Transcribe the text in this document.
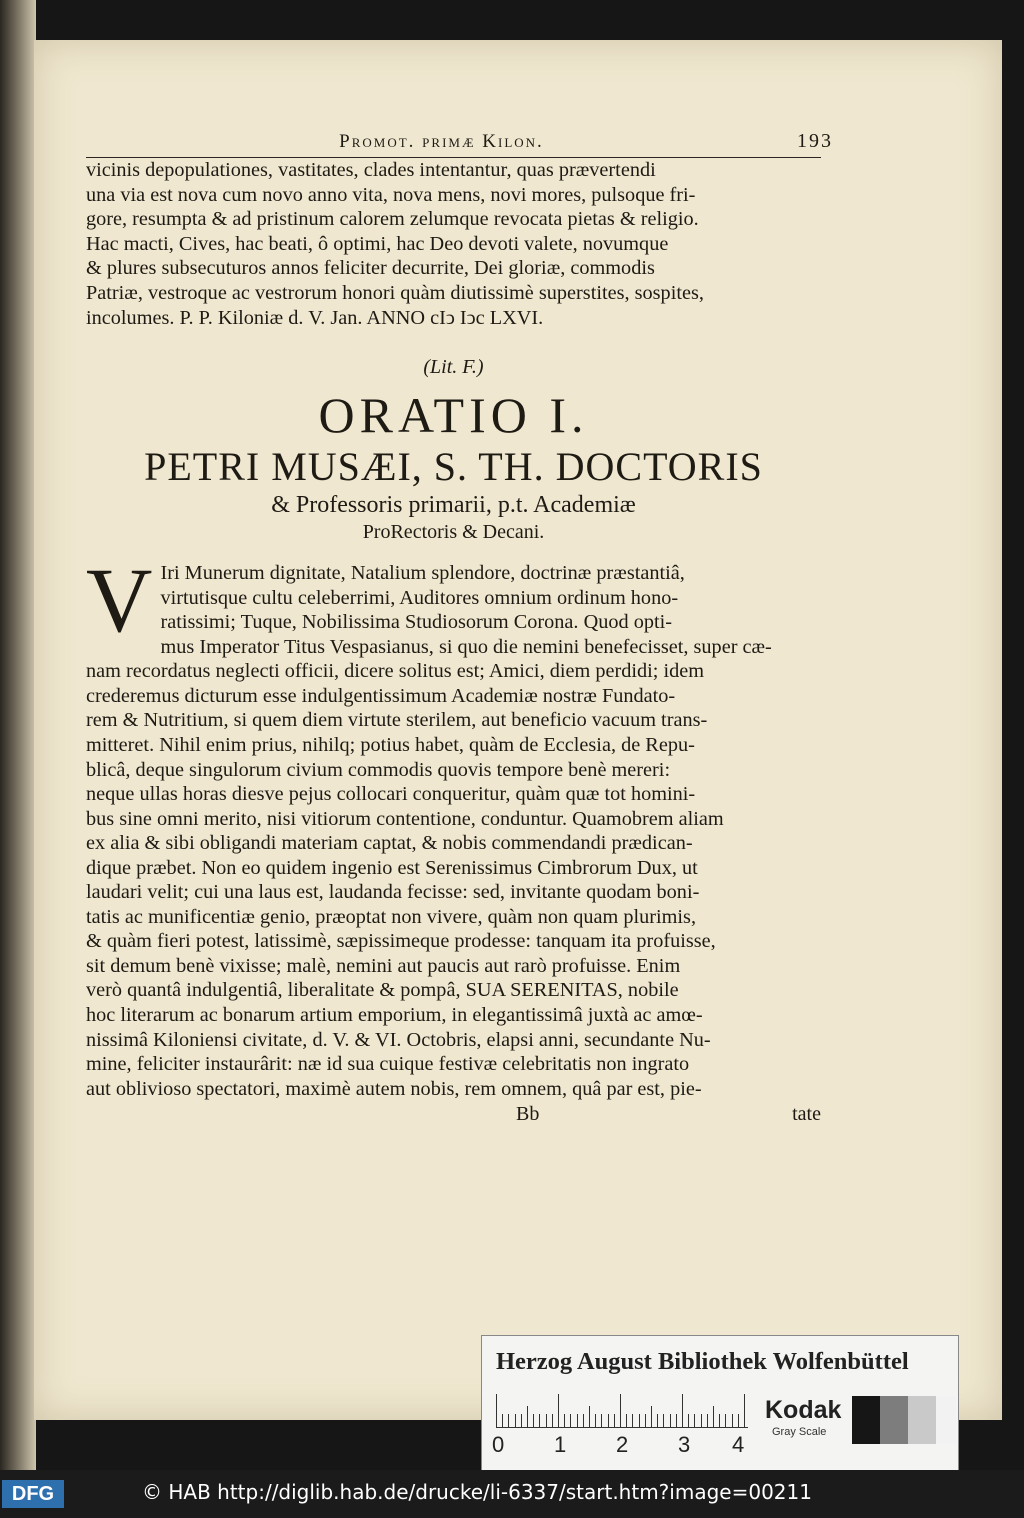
Promot. primæ Kilon.	193

vicinis depopulationes, vastitates, clades intentantur, quas prævertendi

una via est nova cum novo anno vita, nova mens, novi mores, pulsoque fri-

gore, resumpta & ad pristinum calorem zelumque revocata pietas & religio.

Hac macti, Cives, hac beati, ô optimi, hac Deo devoti valete, novumque

& plures subsecuturos annos feliciter decurrite, Dei gloriæ, commodis

Patriæ, vestroque ac vestrorum honori quàm diutissimè superstites, sospites,

incolumes. P. P. Kiloniæ d. V. Jan. ANNO cIↄ Iↄc LXVI.

(Lit. F.)

ORATIO I.

PETRI MUSÆI, S. TH. DOCTORIS

& Professoris primarii, p.t. Academiæ

ProRectoris & Decani.

V Iri Munerum dignitate, Natalium splendore, doctrinæ præstantiâ,

virtutisque cultu celeberrimi, Auditores omnium ordinum hono-

ratissimi; Tuque, Nobilissima Studiosorum Corona. Quod opti-

mus Imperator Titus Vespasianus, si quo die nemini benefecisset, super cæ-

nam recordatus neglecti officii, dicere solitus est; Amici, diem perdidi; idem

crederemus dicturum esse indulgentissimum Academiæ nostræ Fundato-

rem & Nutritium, si quem diem virtute sterilem, aut beneficio vacuum trans-

mitteret. Nihil enim prius, nihilq; potius habet, quàm de Ecclesia, de Repu-

blicâ, deque singulorum civium commodis quovis tempore benè mereri:

neque ullas horas diesve pejus collocari conqueritur, quàm quæ tot homini-

bus sine omni merito, nisi vitiorum contentione, conduntur. Quamobrem aliam

ex alia & sibi obligandi materiam captat, & nobis commendandi prædican-

dique præbet. Non eo quidem ingenio est Serenissimus Cimbrorum Dux, ut

laudari velit; cui una laus est, laudanda fecisse: sed, invitante quodam boni-

tatis ac munificentiæ genio, præoptat non vivere, quàm non quam plurimis,

& quàm fieri potest, latissimè, sæpissimeque prodesse: tanquam ita profuisse,

sit demum benè vixisse; malè, nemini aut paucis aut rarò profuisse. Enim

verò quantâ indulgentiâ, liberalitate & pompâ, SUA SERENITAS, nobile

hoc literarum ac bonarum artium emporium, in elegantissimâ juxtà ac amœ-

nissimâ Kiloniensi civitate, d. V. & VI. Octobris, elapsi anni, secundante Nu-

mine, feliciter instaurârit: næ id sua cuique festivæ celebritatis non ingrato

aut oblivioso spectatori, maximè autem nobis, rem omnem, quâ par est, pie-

Bb	tate
Herzog August Bibliothek Wolfenbüttel
0 1 2 3 4
Kodak
Gray Scale
DFG	© HAB http://diglib.hab.de/drucke/li-6337/start.htm?image=00211
